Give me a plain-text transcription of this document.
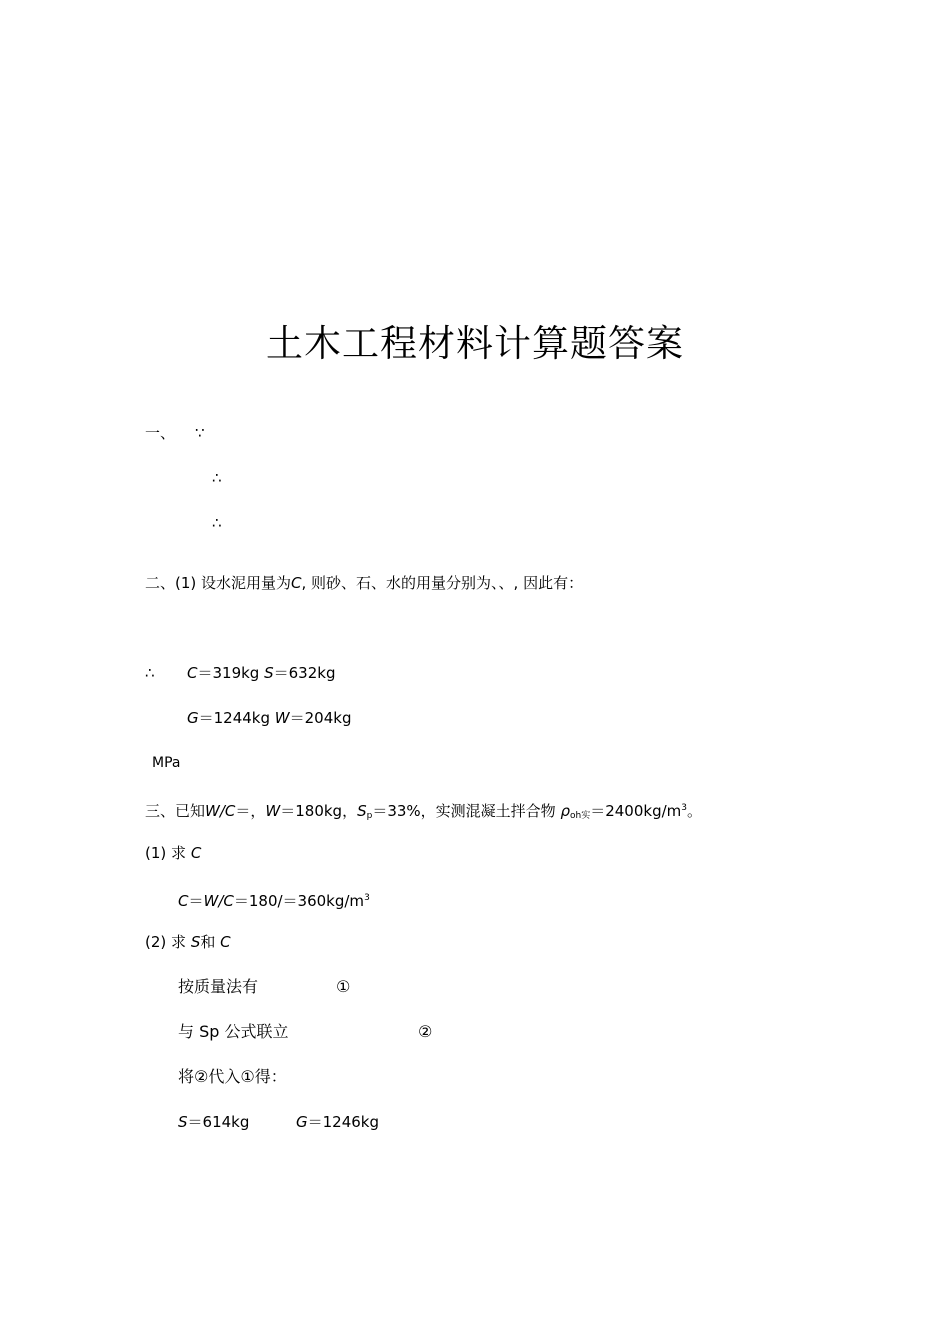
土木工程材料计算题答案
一、 ∵
∴
∴
二、(1) 设水泥用量为C, 则砂、石、水的用量分别为、、, 因此有：
∴ C＝319kg S＝632kg
G＝1244kg W＝204kg
MPa
三、已知W/C＝，W＝180kg，$S_p=33\%$，实测混凝土拌合物 $\rho_{oh实}=2400kg/m^3$。
(1) 求 C
$C=W/C=180/=360kg/m^3$
(2) 求 S和 C
按质量法有	①
与 Sp 公式联立	②
将②代入①得：
S＝614kg	G＝1246kg
